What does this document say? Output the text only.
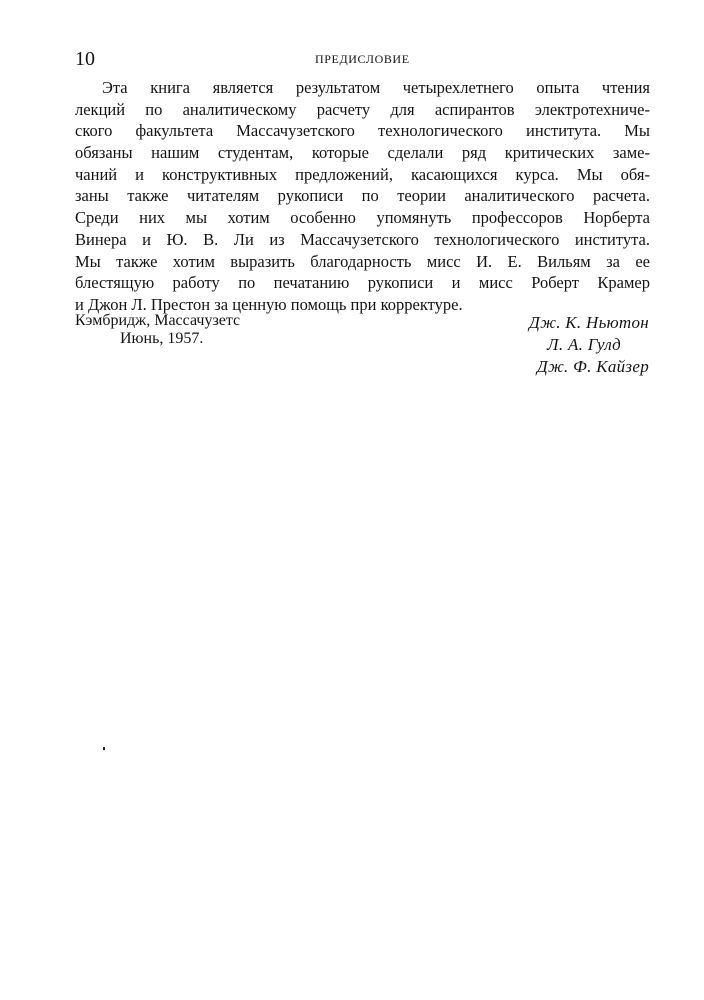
10	ПРЕДИСЛОВИЕ
Эта книга является результатом четырехлетнего опыта чтения
лекций по аналитическому расчету для аспирантов электротехниче-
ского факультета Массачузетского технологического института. Мы
обязаны нашим студентам, которые сделали ряд критических заме-
чаний и конструктивных предложений, касающихся курса. Мы обя-
заны также читателям рукописи по теории аналитического расчета.
Среди них мы хотим особенно упомянуть профессоров Норберта
Винера и Ю. В. Ли из Массачузетского технологического института.
Мы также хотим выразить благодарность мисс И. Е. Вильям за ее
блестящую работу по печатанию рукописи и мисс Роберт Крамер
и Джон Л. Престон за ценную помощь при корректуре.
Кэмбридж, Массачузетс
Июнь, 1957.
Дж. К. Ньютон
Л. А. Гулд
Дж. Ф. Кайзер
